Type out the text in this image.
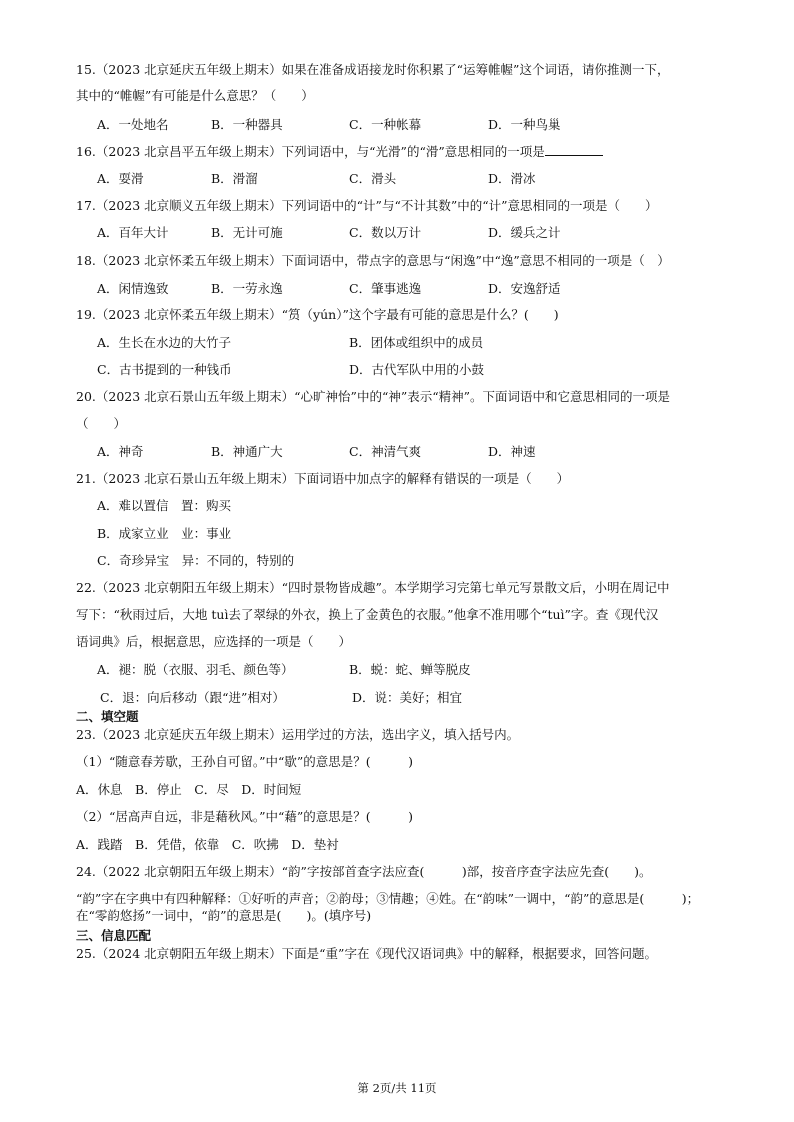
15.（2023 北京延庆五年级上期末）如果在准备成语接龙时你积累了“运筹帷幄”这个词语，请你推测一下，
其中的“帷幄”有可能是什么意思？（　　）
A．一处地名	B．一种器具	C．一种帐幕	D．一种鸟巢
16.（2023 北京昌平五年级上期末）下列词语中，与“光滑”的“滑”意思相同的一项是
A．耍滑	B．滑溜	C．滑头	D．滑冰
17.（2023 北京顺义五年级上期末）下列词语中的“计”与“不计其数”中的“计”意思相同的一项是（　　）
A．百年大计	B．无计可施	C．数以万计	D．缓兵之计
18.（2023 北京怀柔五年级上期末）下面词语中，带点字的意思与“闲逸”中“逸”意思不相同的一项是（　）
A．闲情逸致	B．一劳永逸	C．肇事逃逸	D．安逸舒适
19.（2023 北京怀柔五年级上期末）“筼（yún）”这个字最有可能的意思是什么？(　　)
A．生长在水边的大竹子	B．团体或组织中的成员
C．古书提到的一种钱币	D．古代军队中用的小鼓
20.（2023 北京石景山五年级上期末）“心旷神怡”中的“神”表示“精神”。下面词语中和它意思相同的一项是
（　　）
A．神奇	B．神通广大	C．神清气爽	D．神速
21.（2023 北京石景山五年级上期末）下面词语中加点字的解释有错误的一项是（　　）
A．难以置信　置：购买
B．成家立业　业：事业
C．奇珍异宝　异：不同的，特别的
22.（2023 北京朝阳五年级上期末）“四时景物皆成趣”。本学期学习完第七单元写景散文后，小明在周记中
写下：“秋雨过后，大地 tuì去了翠绿的外衣，换上了金黄色的衣服。”他拿不准用哪个“tuì”字。查《现代汉
语词典》后，根据意思，应选择的一项是（　　）
A．褪：脱（衣服、羽毛、颜色等）	B．蜕：蛇、蝉等脱皮
C．退：向后移动（跟“进”相对）	D．说：美好；相宜
二、填空题
23.（2023 北京延庆五年级上期末）运用学过的方法，选出字义，填入括号内。
（1）“随意春芳歇，王孙自可留。”中“歇”的意思是？(　　　)
A．休息　B．停止　C．尽　D．时间短
（2）“居高声自远，非是藉秋风。”中“藉”的意思是？(　　　)
A．践踏　B．凭借，依靠　C．吹拂　D．垫衬
24.（2022 北京朝阳五年级上期末）“韵”字按部首查字法应查(　　　)部，按音序查字法应先查(　　)。
“韵”字在字典中有四种解释：①好听的声音；②韵母；③情趣；④姓。在“韵味”一调中，“韵”的意思是(　　　)；
在“零韵悠扬”一词中，“韵”的意思是(　　)。(填序号)
三、信息匹配
25.（2024 北京朝阳五年级上期末）下面是“重”字在《现代汉语词典》中的解释，根据要求，回答问题。
第 2页/共 11页
